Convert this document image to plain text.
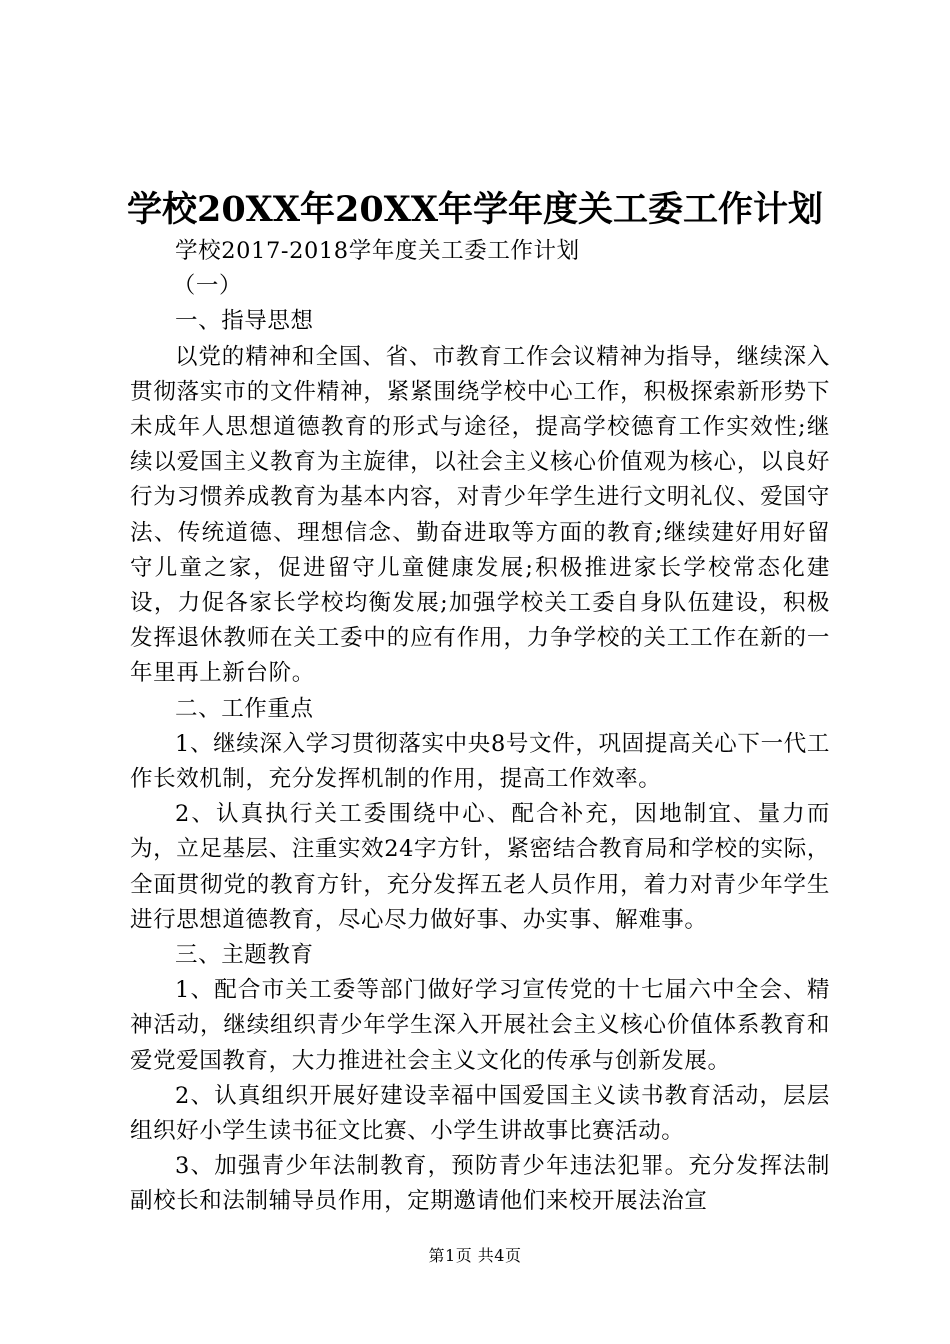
学校20XX年20XX年学年度关工委工作计划

学校2017-2018学年度关工委工作计划

（一）

一、指导思想

以党的精神和全国、省、市教育工作会议精神为指导，继续深入贯彻落实市的文件精神，紧紧围绕学校中心工作，积极探索新形势下未成年人思想道德教育的形式与途径，提高学校德育工作实效性;继续以爱国主义教育为主旋律，以社会主义核心价值观为核心，以良好行为习惯养成教育为基本内容，对青少年学生进行文明礼仪、爱国守法、传统道德、理想信念、勤奋进取等方面的教育;继续建好用好留守儿童之家，促进留守儿童健康发展;积极推进家长学校常态化建设，力促各家长学校均衡发展;加强学校关工委自身队伍建设，积极发挥退休教师在关工委中的应有作用，力争学校的关工工作在新的一年里再上新台阶。

二、工作重点

1、继续深入学习贯彻落实中央8号文件，巩固提高关心下一代工作长效机制，充分发挥机制的作用，提高工作效率。

2、认真执行关工委围绕中心、配合补充，因地制宜、量力而为，立足基层、注重实效24字方针，紧密结合教育局和学校的实际，全面贯彻党的教育方针，充分发挥五老人员作用，着力对青少年学生进行思想道德教育，尽心尽力做好事、办实事、解难事。

三、主题教育

1、配合市关工委等部门做好学习宣传党的十七届六中全会、精神活动，继续组织青少年学生深入开展社会主义核心价值体系教育和爱党爱国教育，大力推进社会主义文化的传承与创新发展。

2、认真组织开展好建设幸福中国爱国主义读书教育活动，层层组织好小学生读书征文比赛、小学生讲故事比赛活动。

3、加强青少年法制教育，预防青少年违法犯罪。充分发挥法制副校长和法制辅导员作用，定期邀请他们来校开展法治宣

第1页 共4页
